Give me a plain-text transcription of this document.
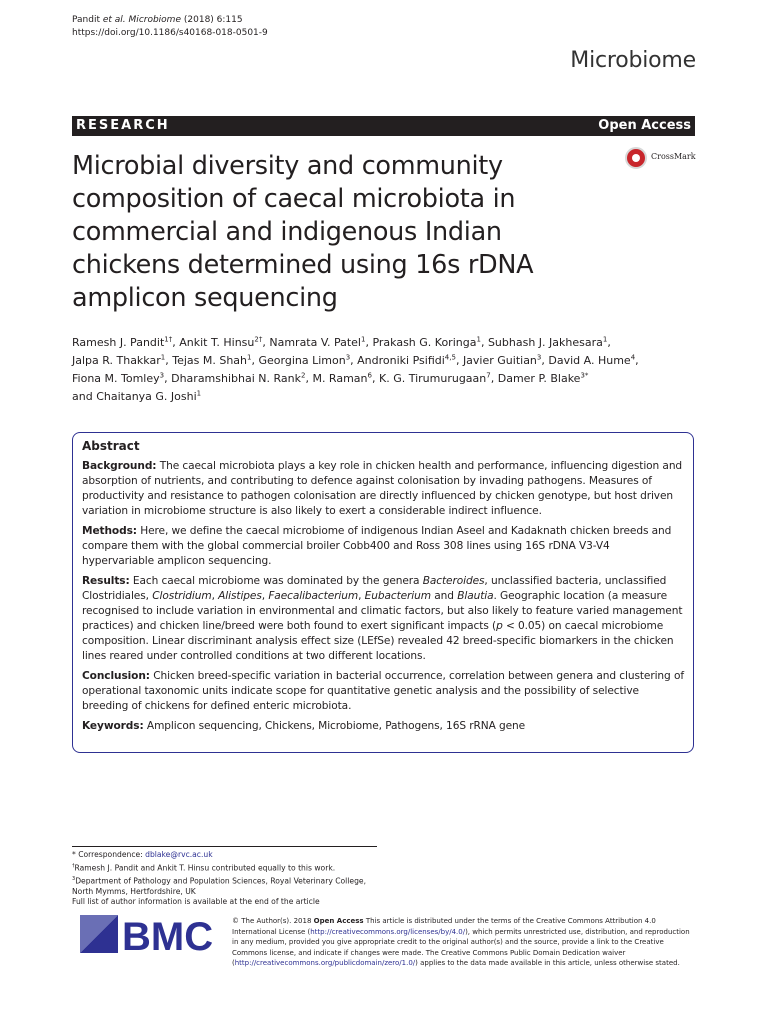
Pandit et al. Microbiome (2018) 6:115
https://doi.org/10.1186/s40168-018-0501-9
Microbiome
RESEARCH	Open Access
CrossMark
Microbial diversity and community composition of caecal microbiota in commercial and indigenous Indian chickens determined using 16s rDNA amplicon sequencing
Ramesh J. Pandit$^{1\dagger}$, Ankit T. Hinsu$^{2\dagger}$, Namrata V. Patel$^1$, Prakash G. Koringa$^1$, Subhash J. Jakhesara$^1$,
Jalpa R. Thakkar$^1$, Tejas M. Shah$^1$, Georgina Limon$^3$, Androniki Psifidi$^{4,5}$, Javier Guitian$^3$, David A. Hume$^4$,
Fiona M. Tomley$^3$, Dharamshibhai N. Rank$^2$, M. Raman$^6$, K. G. Tirumurugaan$^7$, Damer P. Blake$^{3*}$
and Chaitanya G. Joshi$^1$
Abstract

Background: The caecal microbiota plays a key role in chicken health and performance, influencing digestion and absorption of nutrients, and contributing to defence against colonisation by invading pathogens. Measures of productivity and resistance to pathogen colonisation are directly influenced by chicken genotype, but host driven variation in microbiome structure is also likely to exert a considerable indirect influence.

Methods: Here, we define the caecal microbiome of indigenous Indian Aseel and Kadaknath chicken breeds and compare them with the global commercial broiler Cobb400 and Ross 308 lines using 16S rDNA V3-V4 hypervariable amplicon sequencing.

Results: Each caecal microbiome was dominated by the genera Bacteroides, unclassified bacteria, unclassified Clostridiales, Clostridium, Alistipes, Faecalibacterium, Eubacterium and Blautia. Geographic location (a measure recognised to include variation in environmental and climatic factors, but also likely to feature varied management practices) and chicken line/breed were both found to exert significant impacts (p < 0.05) on caecal microbiome composition. Linear discriminant analysis effect size (LEfSe) revealed 42 breed-specific biomarkers in the chicken lines reared under controlled conditions at two different locations.

Conclusion: Chicken breed-specific variation in bacterial occurrence, correlation between genera and clustering of operational taxonomic units indicate scope for quantitative genetic analysis and the possibility of selective breeding of chickens for defined enteric microbiota.

Keywords: Amplicon sequencing, Chickens, Microbiome, Pathogens, 16S rRNA gene

* Correspondence: dblake@rvc.ac.uk
†Ramesh J. Pandit and Ankit T. Hinsu contributed equally to this work.
$^3$Department of Pathology and Population Sciences, Royal Veterinary College, North Mymms, Hertfordshire, UK
Full list of author information is available at the end of the article
BMC	© The Author(s). 2018 Open Access This article is distributed under the terms of the Creative Commons Attribution 4.0 International License (http://creativecommons.org/licenses/by/4.0/), which permits unrestricted use, distribution, and reproduction in any medium, provided you give appropriate credit to the original author(s) and the source, provide a link to the Creative Commons license, and indicate if changes were made. The Creative Commons Public Domain Dedication waiver (http://creativecommons.org/publicdomain/zero/1.0/) applies to the data made available in this article, unless otherwise stated.
